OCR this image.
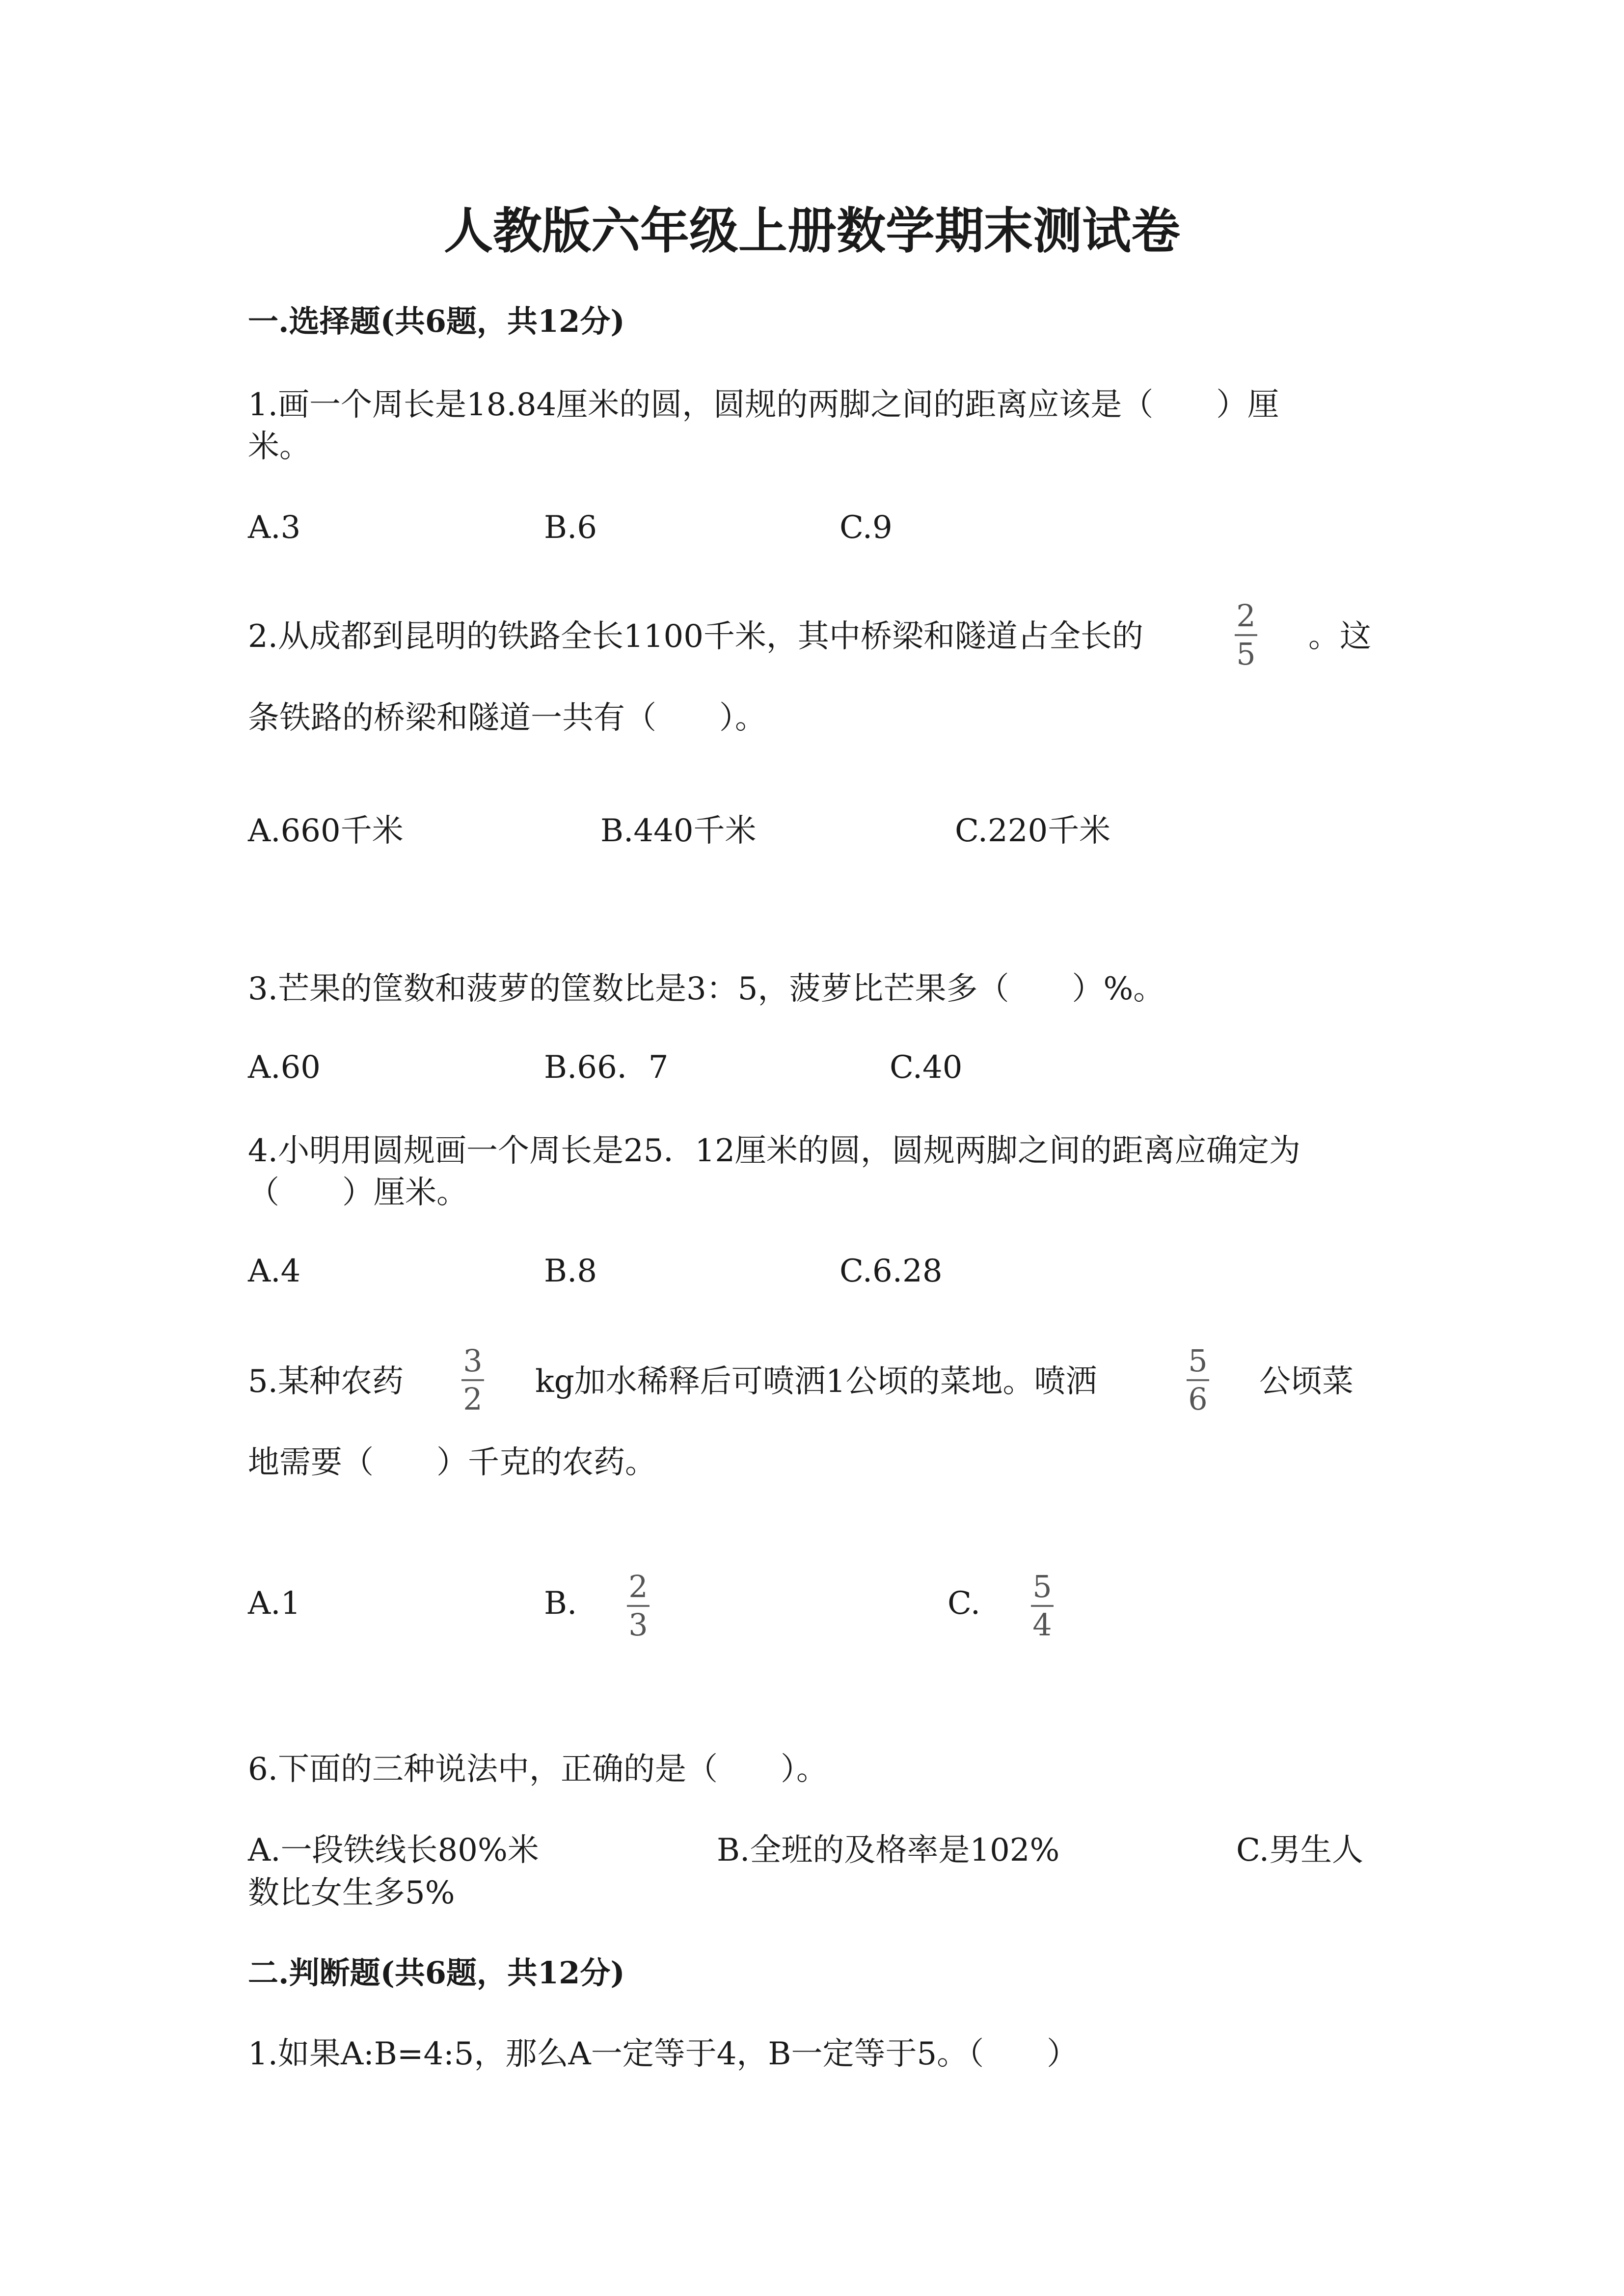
人教版六年级上册数学期末测试卷
一.选择题(共6题，共12分)
1.画一个周长是18.84厘米的圆，圆规的两脚之间的距离应该是（　　）厘
米。
A.3	B.6	C.9
2.从成都到昆明的铁路全长1100千米，其中桥梁和隧道占全长的
2
5 。这
条铁路的桥梁和隧道一共有（　　）。
A.660千米	B.440千米	C.220千米
3.芒果的筐数和菠萝的筐数比是3：5，菠萝比芒果多（　　）%。
A.60	B.66．7	C.40
4.小明用圆规画一个周长是25．12厘米的圆，圆规两脚之间的距离应确定为
（　　）厘米。
A.4	B.8	C.6.28
5.某种农药
3
2 kg加水稀释后可喷洒1公顷的菜地。喷洒
5
6 公顷菜
地需要（　　）千克的农药。
A.1	B. 2
3
C. 5
4
6.下面的三种说法中，正确的是（　　）。
A.一段铁线长80%米	B.全班的及格率是102%	C.男生人
数比女生多5%
二.判断题(共6题，共12分)
1.如果A:B=4:5，那么A一定等于4，B一定等于5。（　　）
